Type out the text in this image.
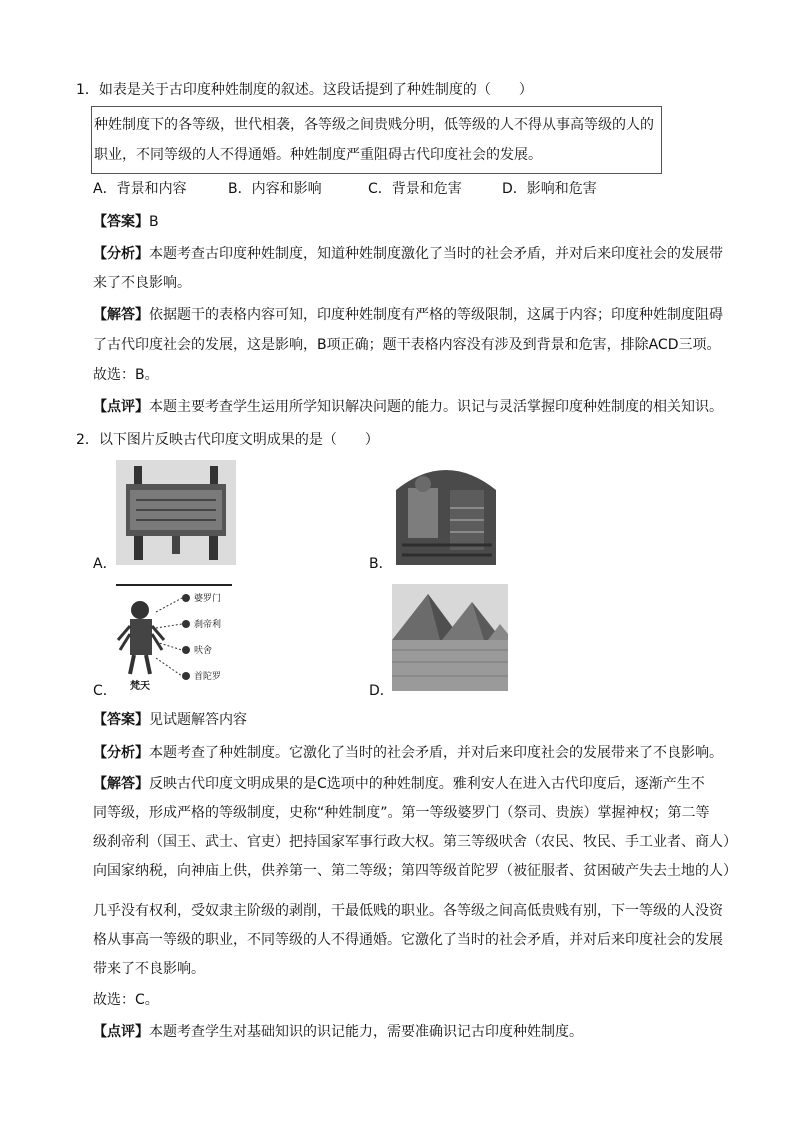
1．如表是关于古印度种姓制度的叙述。这段话提到了种姓制度的（　　）
种姓制度下的各等级，世代相袭，各等级之间贵贱分明，低等级的人不得从事高等级的人的
职业，不同等级的人不得通婚。种姓制度严重阻碍古代印度社会的发展。
A．背景和内容	B．内容和影响	C．背景和危害	D．影响和危害
【答案】B
【分析】本题考查古印度种姓制度，知道种姓制度激化了当时的社会矛盾，并对后来印度社会的发展带
来了不良影响。
【解答】依据题干的表格内容可知，印度种姓制度有严格的等级限制，这属于内容；印度种姓制度阻碍
了古代印度社会的发展，这是影响，B项正确；题干表格内容没有涉及到背景和危害，排除ACD三项。
故选：B。
【点评】本题主要考查学生运用所学知识解决问题的能力。识记与灵活掌握印度种姓制度的相关知识。
2．以下图片反映古代印度文明成果的是（　　）
A．	B．
婆罗门
刹帝利
吠舍
首陀罗
梵天
C．	D．
【答案】见试题解答内容
【分析】本题考查了种姓制度。它激化了当时的社会矛盾，并对后来印度社会的发展带来了不良影响。
【解答】反映古代印度文明成果的是C选项中的种姓制度。雅利安人在进入古代印度后，逐渐产生不
同等级，形成严格的等级制度，史称“种姓制度”。第一等级婆罗门（祭司、贵族）掌握神权；第二等
级刹帝利（国王、武士、官吏）把持国家军事行政大权。第三等级吠舍（农民、牧民、手工业者、商人）
向国家纳税，向神庙上供，供养第一、第二等级；第四等级首陀罗（被征服者、贫困破产失去土地的人）
几乎没有权利，受奴隶主阶级的剥削，干最低贱的职业。各等级之间高低贵贱有别，下一等级的人没资
格从事高一等级的职业，不同等级的人不得通婚。它激化了当时的社会矛盾，并对后来印度社会的发展
带来了不良影响。
故选：C。
【点评】本题考查学生对基础知识的识记能力，需要准确识记古印度种姓制度。
